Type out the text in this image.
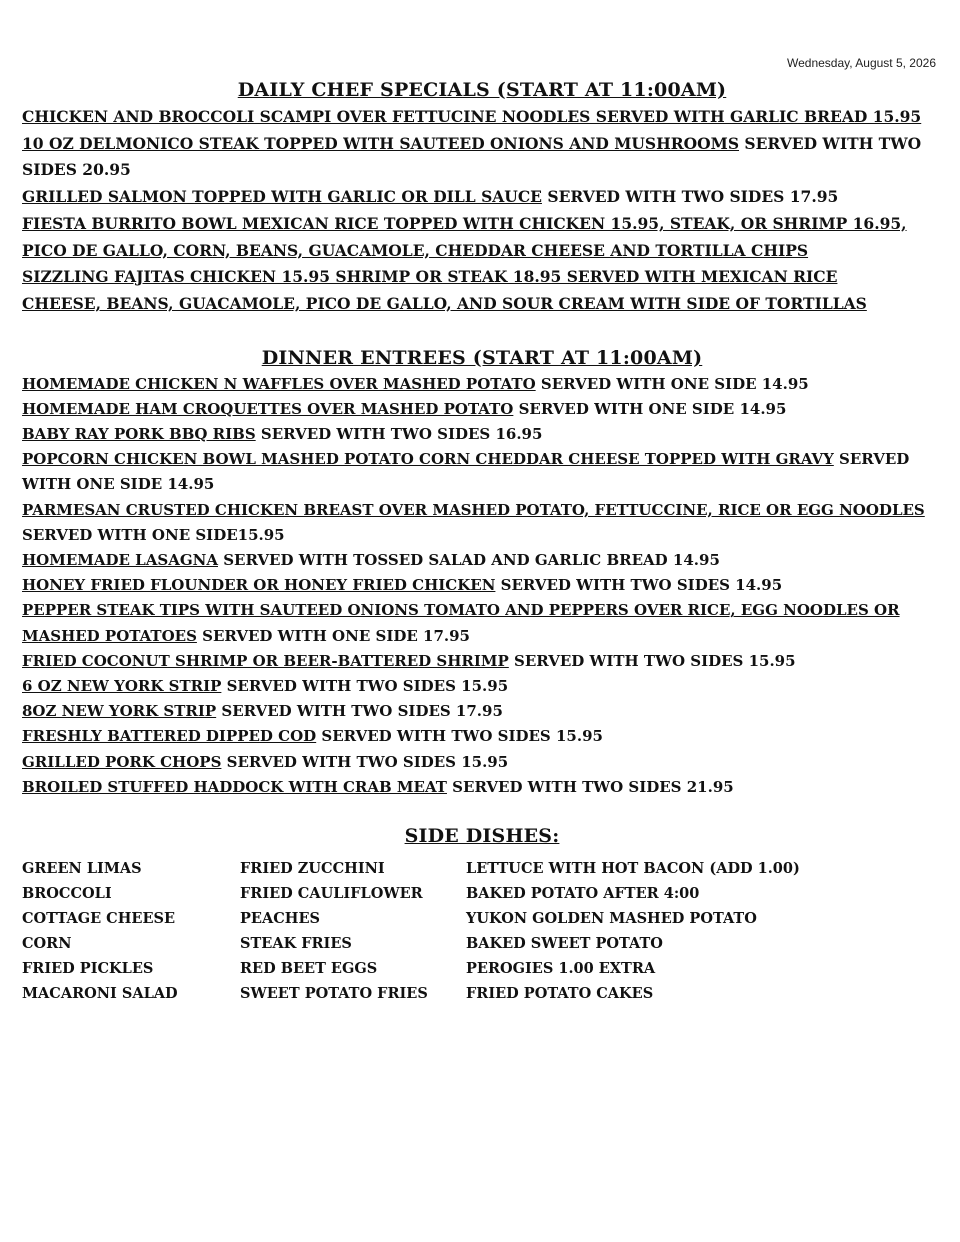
Wednesday, August 5, 2026
DAILY CHEF SPECIALS (START AT 11:00AM)
CHICKEN AND BROCCOLI SCAMPI OVER FETTUCINE NOODLES SERVED WITH GARLIC BREAD 15.95
10 OZ DELMONICO STEAK TOPPED WITH SAUTEED ONIONS AND MUSHROOMS SERVED WITH TWO
SIDES 20.95
GRILLED SALMON TOPPED WITH GARLIC OR DILL SAUCE SERVED WITH TWO SIDES 17.95
FIESTA BURRITO BOWL MEXICAN RICE TOPPED WITH CHICKEN 15.95, STEAK, OR SHRIMP 16.95,
PICO DE GALLO, CORN, BEANS, GUACAMOLE, CHEDDAR CHEESE AND TORTILLA CHIPS
SIZZLING FAJITAS CHICKEN 15.95 SHRIMP OR STEAK 18.95 SERVED WITH MEXICAN RICE
CHEESE, BEANS, GUACAMOLE, PICO DE GALLO, AND SOUR CREAM WITH SIDE OF TORTILLAS
DINNER ENTREES (START AT 11:00AM)
HOMEMADE CHICKEN N WAFFLES OVER MASHED POTATO SERVED WITH ONE SIDE 14.95
HOMEMADE HAM CROQUETTES OVER MASHED POTATO SERVED WITH ONE SIDE 14.95
BABY RAY PORK BBQ RIBS SERVED WITH TWO SIDES 16.95
POPCORN CHICKEN BOWL MASHED POTATO CORN CHEDDAR CHEESE TOPPED WITH GRAVY SERVED
WITH ONE SIDE 14.95
PARMESAN CRUSTED CHICKEN BREAST OVER MASHED POTATO, FETTUCCINE, RICE OR EGG NOODLES
SERVED WITH ONE SIDE15.95
HOMEMADE LASAGNA SERVED WITH TOSSED SALAD AND GARLIC BREAD 14.95
HONEY FRIED FLOUNDER OR HONEY FRIED CHICKEN SERVED WITH TWO SIDES 14.95
PEPPER STEAK TIPS WITH SAUTEED ONIONS TOMATO AND PEPPERS OVER RICE, EGG NOODLES OR
MASHED POTATOES SERVED WITH ONE SIDE 17.95
FRIED COCONUT SHRIMP OR BEER-BATTERED SHRIMP SERVED WITH TWO SIDES 15.95
6 OZ NEW YORK STRIP SERVED WITH TWO SIDES 15.95
8OZ NEW YORK STRIP SERVED WITH TWO SIDES 17.95
FRESHLY BATTERED DIPPED COD SERVED WITH TWO SIDES 15.95
GRILLED PORK CHOPS SERVED WITH TWO SIDES 15.95
BROILED STUFFED HADDOCK WITH CRAB MEAT SERVED WITH TWO SIDES 21.95
SIDE DISHES:
GREEN LIMAS	FRIED ZUCCHINI	LETTUCE WITH HOT BACON (ADD 1.00)
BROCCOLI	FRIED CAULIFLOWER	BAKED POTATO AFTER 4:00
COTTAGE CHEESE	PEACHES	YUKON GOLDEN MASHED POTATO
CORN	STEAK FRIES	BAKED SWEET POTATO
FRIED PICKLES	RED BEET EGGS	PEROGIES 1.00 EXTRA
MACARONI SALAD	SWEET POTATO FRIES	FRIED POTATO CAKES
